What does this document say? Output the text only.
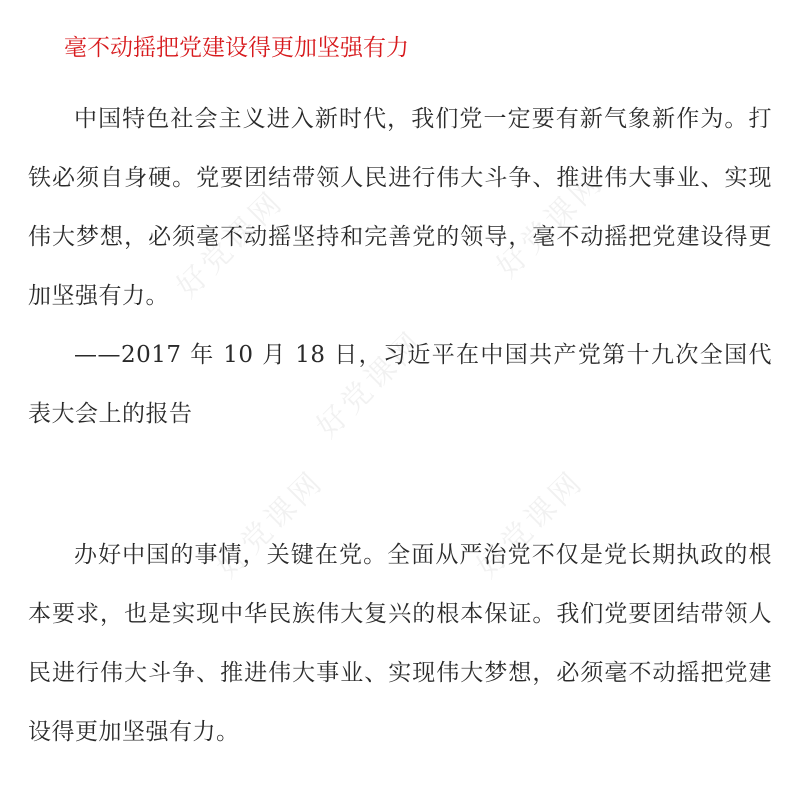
好党课网	好党课网
好党课网
好党课网	好党课网
毫不动摇把党建设得更加坚强有力

中国特色社会主义进入新时代，我们党一定要有新气象新作为。打铁必须自身硬。党要团结带领人民进行伟大斗争、推进伟大事业、实现伟大梦想，必须毫不动摇坚持和完善党的领导，毫不动摇把党建设得更加坚强有力。

——2017 年 10 月 18 日，习近平在中国共产党第十九次全国代表大会上的报告

办好中国的事情，关键在党。全面从严治党不仅是党长期执政的根本要求，也是实现中华民族伟大复兴的根本保证。我们党要团结带领人民进行伟大斗争、推进伟大事业、实现伟大梦想，必须毫不动摇把党建设得更加坚强有力。
